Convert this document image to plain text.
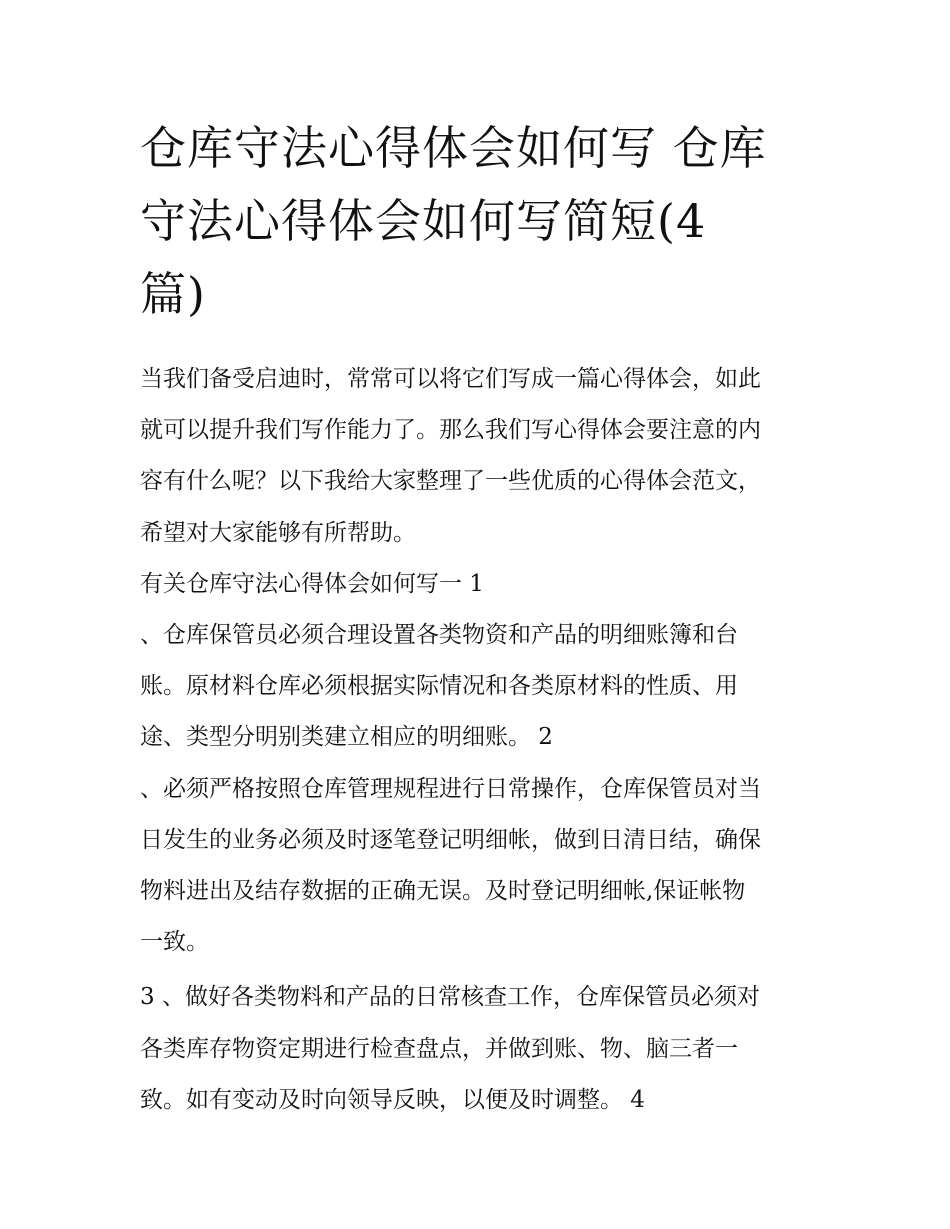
仓库守法心得体会如何写 仓库
守法心得体会如何写简短(4
篇)

当我们备受启迪时，常常可以将它们写成一篇心得体会，如此
就可以提升我们写作能力了。那么我们写心得体会要注意的内
容有什么呢？以下我给大家整理了一些优质的心得体会范文，
希望对大家能够有所帮助。

有关仓库守法心得体会如何写一 1

、仓库保管员必须合理设置各类物资和产品的明细账簿和台
账。原材料仓库必须根据实际情况和各类原材料的性质、用
途、类型分明别类建立相应的明细账。 2

、必须严格按照仓库管理规程进行日常操作，仓库保管员对当
日发生的业务必须及时逐笔登记明细帐，做到日清日结，确保
物料进出及结存数据的正确无误。及时登记明细帐,保证帐物
一致。

3 、做好各类物料和产品的日常核查工作，仓库保管员必须对
各类库存物资定期进行检查盘点，并做到账、物、脑三者一
致。如有变动及时向领导反映，以便及时调整。 4
